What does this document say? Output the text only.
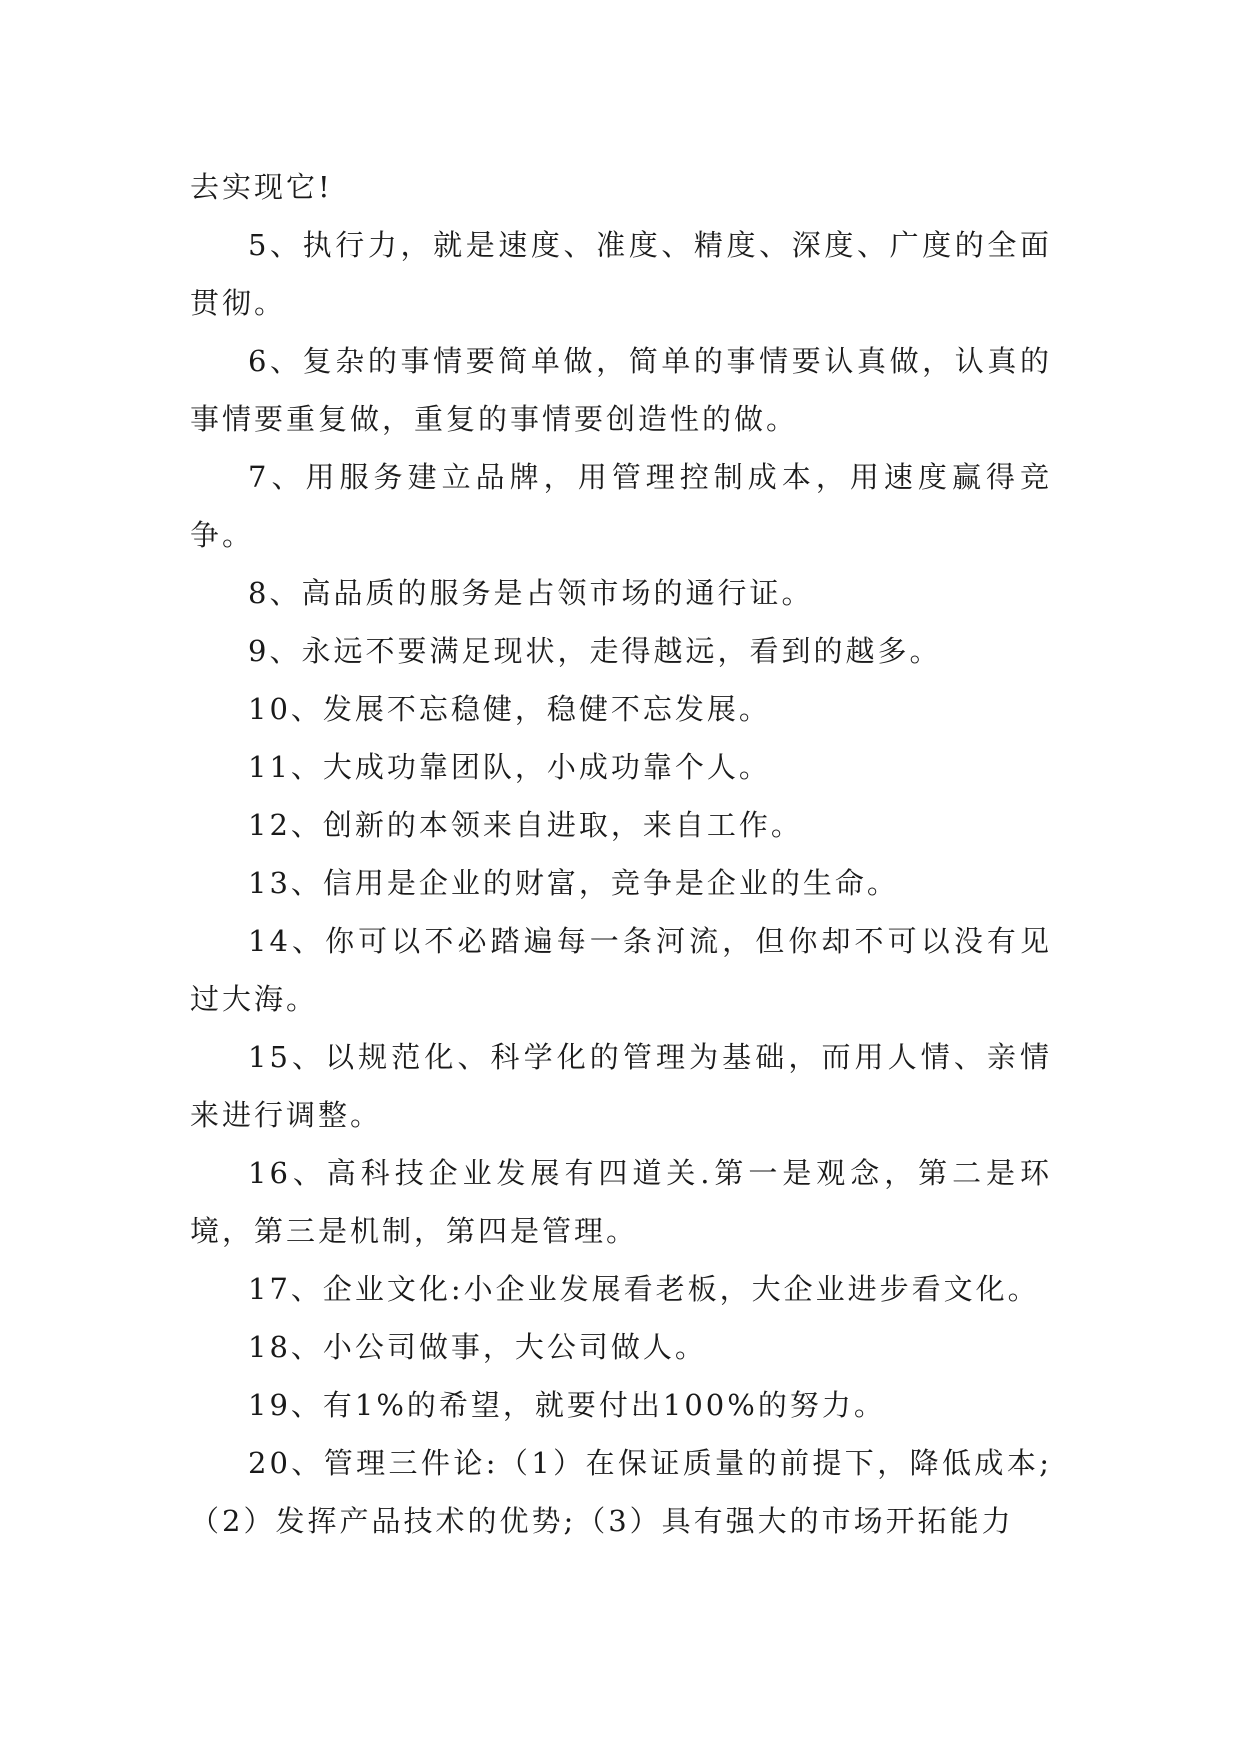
去实现它!

5、执行力，就是速度、准度、精度、深度、广度的全面贯彻。

6、复杂的事情要简单做，简单的事情要认真做，认真的事情要重复做，重复的事情要创造性的做。

7、用服务建立品牌，用管理控制成本，用速度赢得竞争。

8、高品质的服务是占领市场的通行证。

9、永远不要满足现状，走得越远，看到的越多。

10、发展不忘稳健，稳健不忘发展。

11、大成功靠团队，小成功靠个人。

12、创新的本领来自进取，来自工作。

13、信用是企业的财富，竞争是企业的生命。

14、你可以不必踏遍每一条河流，但你却不可以没有见过大海。

15、以规范化、科学化的管理为基础，而用人情、亲情来进行调整。

16、高科技企业发展有四道关.第一是观念，第二是环境，第三是机制，第四是管理。

17、企业文化:小企业发展看老板，大企业进步看文化。

18、小公司做事，大公司做人。

19、有1%的希望，就要付出100%的努力。

20、管理三件论:（1）在保证质量的前提下，降低成本;（2）发挥产品技术的优势;（3）具有强大的市场开拓能力
